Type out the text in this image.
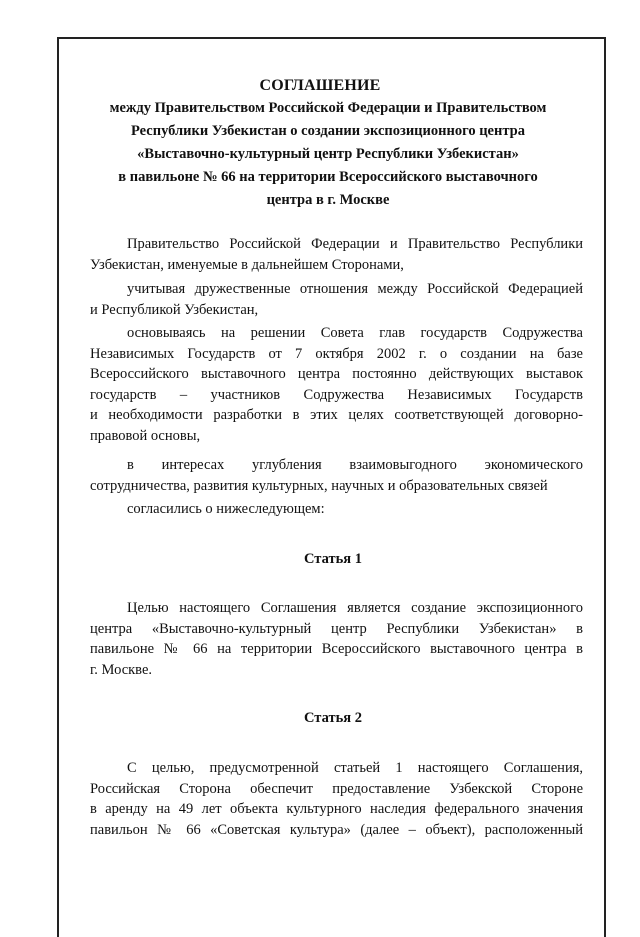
СОГЛАШЕНИЕ
между Правительством Российской Федерации и Правительством
Республики Узбекистан о создании экспозиционного центра
«Выставочно-культурный центр Республики Узбекистан»
в павильоне № 66 на территории Всероссийского выставочного
центра в г. Москве
Правительство Российской Федерации и Правительство Республики
Узбекистан, именуемые в дальнейшем Сторонами,
учитывая дружественные отношения между Российской Федерацией
и Республикой Узбекистан,
основываясь на решении Совета глав государств Содружества
Независимых Государств от 7 октября 2002 г. о создании на базе
Всероссийского выставочного центра постоянно действующих выставок
государств – участников Содружества Независимых Государств
и необходимости разработки в этих целях соответствующей договорно-
правовой основы,
в интересах углубления взаимовыгодного экономического
сотрудничества, развития культурных, научных и образовательных связей
согласились о нижеследующем:
Статья 1
Целью настоящего Соглашения является создание экспозиционного
центра «Выставочно-культурный центр Республики Узбекистан» в
павильоне № 66 на территории Всероссийского выставочного центра в
г. Москве.
Статья 2
С целью, предусмотренной статьей 1 настоящего Соглашения,
Российская Сторона обеспечит предоставление Узбекской Стороне
в аренду на 49 лет объекта культурного наследия федерального значения
павильон № 66 «Советская культура» (далее – объект), расположенный
